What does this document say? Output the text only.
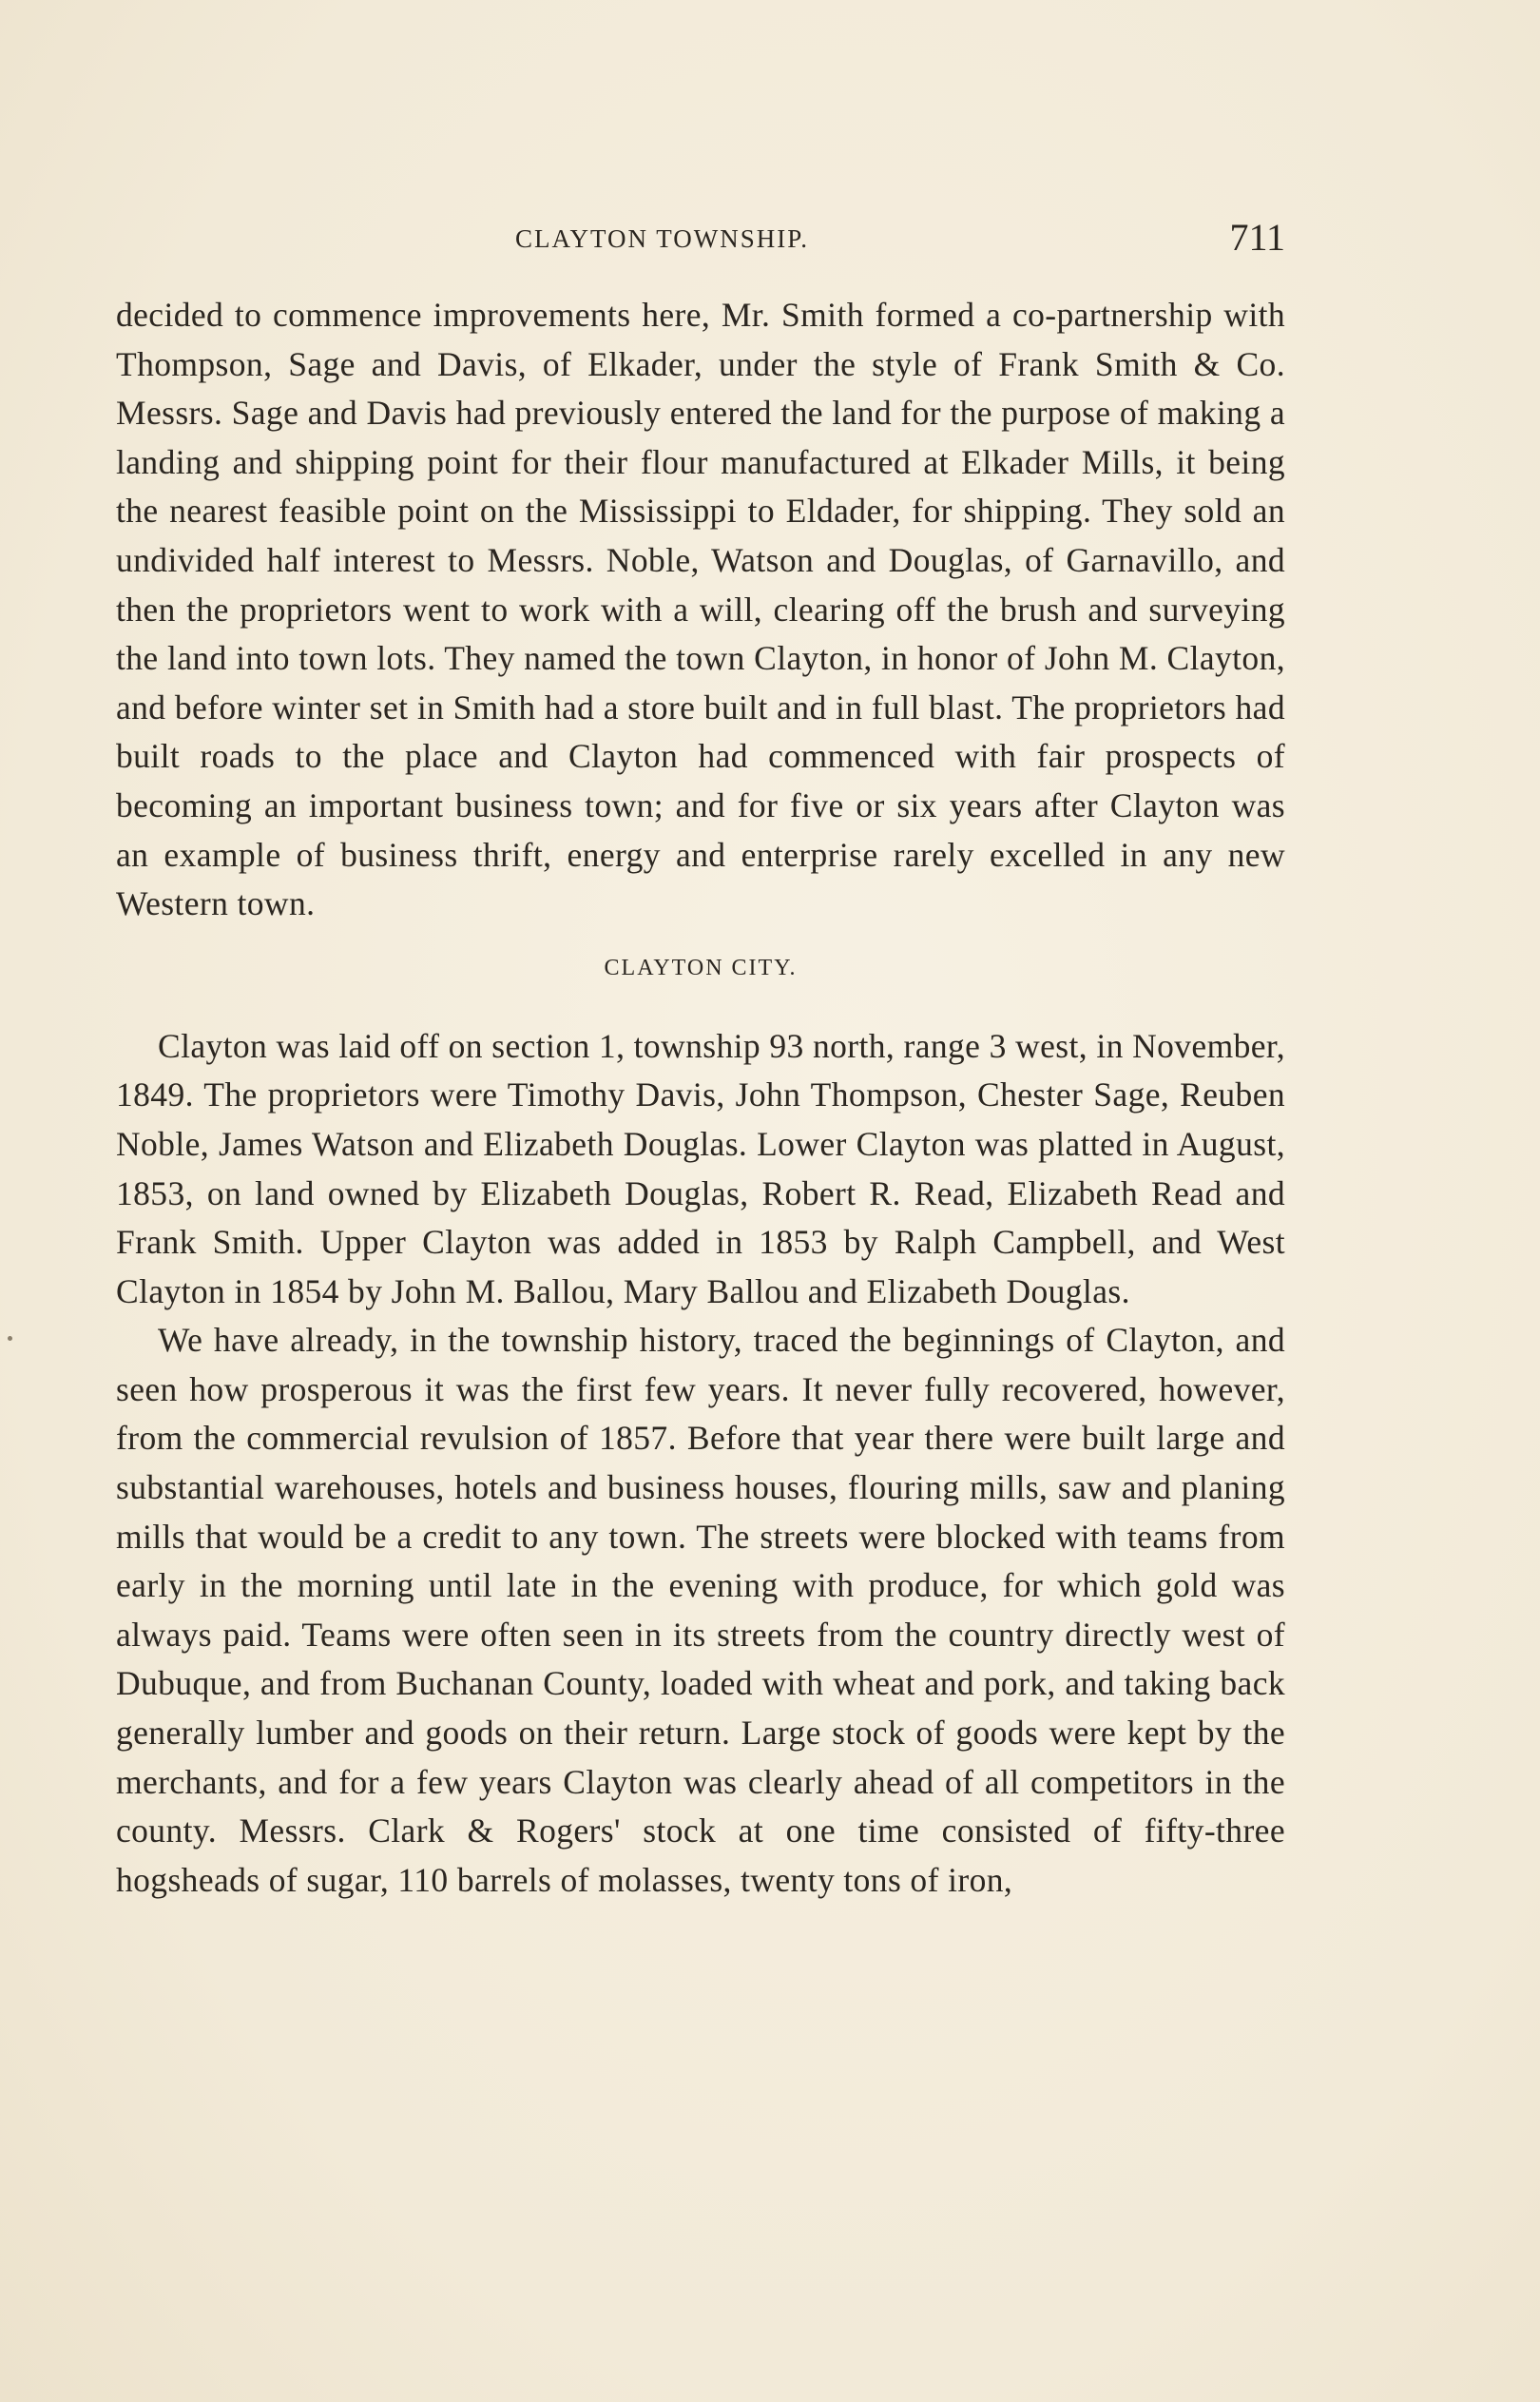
CLAYTON TOWNSHIP.	711

decided to commence improvements here, Mr. Smith formed a co-partnership with Thompson, Sage and Davis, of Elkader, under the style of Frank Smith & Co. Messrs. Sage and Davis had previously entered the land for the purpose of making a landing and shipping point for their flour manufactured at Elkader Mills, it being the nearest feasible point on the Mississippi to Eldader, for shipping. They sold an undivided half interest to Messrs. Noble, Watson and Douglas, of Garnavillo, and then the proprietors went to work with a will, clearing off the brush and surveying the land into town lots. They named the town Clayton, in honor of John M. Clayton, and before winter set in Smith had a store built and in full blast. The proprietors had built roads to the place and Clayton had commenced with fair prospects of becoming an important business town; and for five or six years after Clayton was an example of business thrift, energy and enterprise rarely excelled in any new Western town.

CLAYTON CITY.

Clayton was laid off on section 1, township 93 north, range 3 west, in November, 1849. The proprietors were Timothy Davis, John Thompson, Chester Sage, Reuben Noble, James Watson and Elizabeth Douglas. Lower Clayton was platted in August, 1853, on land owned by Elizabeth Douglas, Robert R. Read, Elizabeth Read and Frank Smith. Upper Clayton was added in 1853 by Ralph Campbell, and West Clayton in 1854 by John M. Ballou, Mary Ballou and Elizabeth Douglas.

We have already, in the township history, traced the beginnings of Clayton, and seen how prosperous it was the first few years. It never fully recovered, however, from the commercial revulsion of 1857. Before that year there were built large and substantial warehouses, hotels and business houses, flouring mills, saw and planing mills that would be a credit to any town. The streets were blocked with teams from early in the morning until late in the evening with produce, for which gold was always paid. Teams were often seen in its streets from the country directly west of Dubuque, and from Buchanan County, loaded with wheat and pork, and taking back generally lumber and goods on their return. Large stock of goods were kept by the merchants, and for a few years Clayton was clearly ahead of all competitors in the county. Messrs. Clark & Rogers' stock at one time consisted of fifty-three hogsheads of sugar, 110 barrels of molasses, twenty tons of iron,
